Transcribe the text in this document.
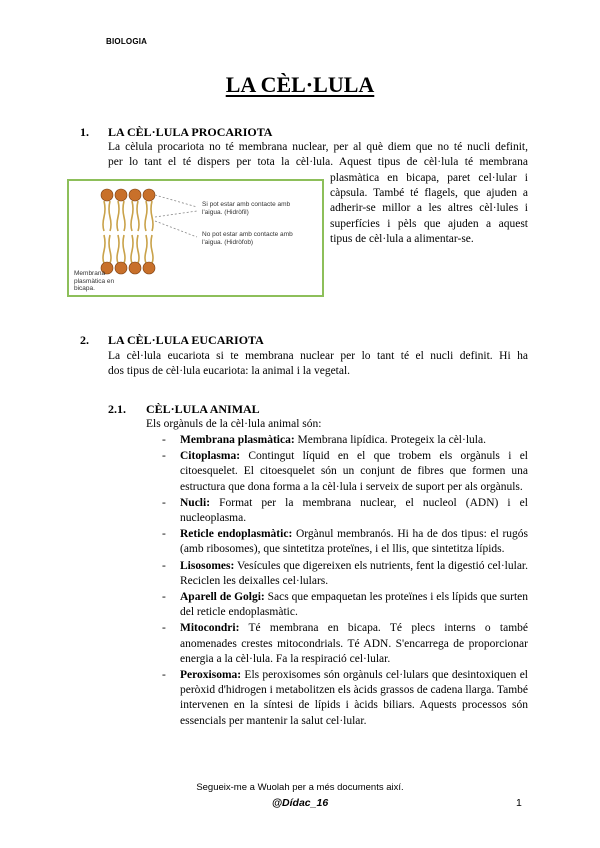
BIOLOGIA
LA CÈL·LULA
1. LA CÈL·LULA PROCARIOTA
La cèlula procariota no té membrana nuclear, per al què diem que no té nucli definit,
per lo tant el té dispers per tota la cèl·lula. Aquest tipus de cèl·lula té membrana
plasmàtica en bicapa, paret cel·lular i
càpsula. També té flagels, que ajuden a
adherir-se millor a les altres cèl·lules i
superfícies i pèls que ajuden a aquest
tipus de cèl·lula a alimentar-se.
Si pot estar amb contacte amb
l'aigua. (Hidròfil)
No pot estar amb contacte amb
l'aigua. (Hidròfob)
Membrana
plasmàtica en
bicapa.
2. LA CÈL·LULA EUCARIOTA
La cèl·lula eucariota si te membrana nuclear per lo tant té el nucli definit. Hi ha
dos tipus de cèl·lula eucariota: la animal i la vegetal.
2.1. CÈL·LULA ANIMAL
Els orgànuls de la cèl·lula animal són:
- Membrana plasmàtica: Membrana lipídica. Protegeix la cèl·lula.
- Citoplasma: Contingut líquid en el que trobem els orgànuls i el citoesquelet. El citoesquelet són un conjunt de fibres que formen una estructura que dona forma a la cèl·lula i serveix de suport per als orgànuls.
- Nucli: Format per la membrana nuclear, el nucleol (ADN) i el nucleoplasma.
- Reticle endoplasmàtic: Orgànul membranós. Hi ha de dos tipus: el rugós (amb ribosomes), que sintetitza proteïnes, i el llis, que sintetitza lípids.
- Lisosomes: Vesícules que digereixen els nutrients, fent la digestió cel·lular. Reciclen les deixalles cel·lulars.
- Aparell de Golgi: Sacs que empaquetan les proteïnes i els lípids que surten del reticle endoplasmàtic.
- Mitocondri: Té membrana en bicapa. Té plecs interns o també anomenades crestes mitocondrials. Té ADN. S'encarrega de proporcionar energia a la cèl·lula. Fa la respiració cel·lular.
- Peroxisoma: Els peroxisomes són orgànuls cel·lulars que desintoxiquen el peròxid d'hidrogen i metabolitzen els àcids grassos de cadena llarga. També intervenen en la síntesi de lípids i àcids biliars. Aquests processos són essencials per mantenir la salut cel·lular.
Segueix-me a Wuolah per a més documents així.
@Dídac_16	1
